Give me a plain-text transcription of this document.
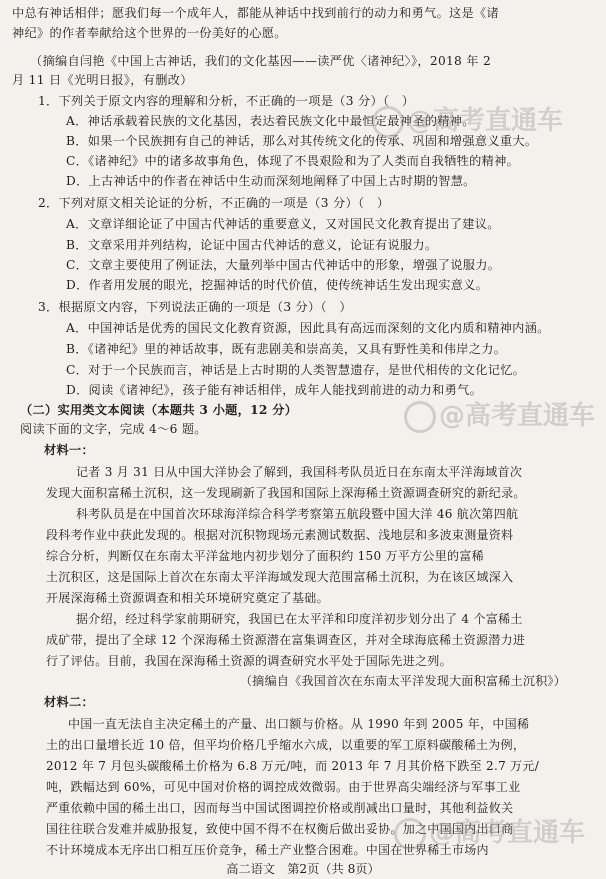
中总有神话相伴；愿我们每一个成年人，都能从神话中找到前行的动力和勇气。这是《诸
神纪》的作者奉献给这个世界的一份美好的心愿。
（摘编自闫艳《中国上古神话，我们的文化基因——读严优〈诸神纪〉》，2018 年 2
月 11 日《光明日报》，有删改）
1．下列关于原文内容的理解和分析，不正确的一项是（3 分）（　）
A．神话承载着民族的文化基因，表达着民族文化中最恒定最神圣的精神。
B．如果一个民族拥有自己的神话，那么对其传统文化的传承、巩固和增强意义重大。
C．《诸神纪》中的诸多故事角色，体现了不畏艰险和为了人类而自我牺牲的精神。
D．上古神话中的作者在神话中生动而深刻地阐释了中国上古时期的智慧。
2．下列对原文相关论证的分析，不正确的一项是（3 分）（　）
A．文章详细论证了中国古代神话的重要意义，又对国民文化教育提出了建议。
B．文章采用并列结构，论证中国古代神话的意义，论证有说服力。
C．文章主要使用了例证法，大量列举中国古代神话中的形象，增强了说服力。
D．作者用发展的眼光，挖掘神话的时代价值，使传统神话生发出现实意义。
3．根据原文内容，下列说法正确的一项是（3 分）（　）
A．中国神话是优秀的国民文化教育资源，因此具有高远而深刻的文化内质和精神内涵。
B．《诸神纪》里的神话故事，既有悲剧美和崇高美，又具有野性美和伟岸之力。
C．对于一个民族而言，神话是上古时期的人类智慧遗存，是世代相传的文化记忆。
D．阅读《诸神纪》，孩子能有神话相伴，成年人能找到前进的动力和勇气。
（二）实用类文本阅读（本题共 3 小题，12 分）
阅读下面的文字，完成 4～6 题。
材料一：
记者 3 月 31 日从中国大洋协会了解到，我国科考队员近日在东南太平洋海域首次
发现大面积富稀土沉积，这一发现刷新了我国和国际上深海稀土资源调查研究的新纪录。
科考队员是在中国首次环球海洋综合科学考察第五航段暨中国大洋 46 航次第四航
段科考作业中获此发现的。根据对沉积物现场元素测试数据、浅地层和多波束测量资料
综合分析，判断仅在东南太平洋盆地内初步划分了面积约 150 万平方公里的富稀
土沉积区，这是国际上首次在东南太平洋海域发现大范围富稀土沉积，为在该区域深入
开展深海稀土资源调查和相关环境研究奠定了基础。
据介绍，经过科学家前期研究，我国已在太平洋和印度洋初步划分出了 4 个富稀土
成矿带，提出了全球 12 个深海稀土资源潜在富集调查区，并对全球海底稀土资源潜力进
行了评估。目前，我国在深海稀土资源的调查研究水平处于国际先进之列。
（摘编自《我国首次在东南太平洋发现大面积富稀土沉积》）
材料二：
中国一直无法自主决定稀土的产量、出口额与价格。从 1990 年到 2005 年，中国稀
土的出口量增长近 10 倍，但平均价格几乎缩水六成，以重要的军工原料碳酸稀土为例，
2012 年 7 月包头碳酸稀土价格为 6.8 万元/吨，而 2013 年 7 月其价格下跌至 2.7 万元/
吨，跌幅达到 60%，可见中国对价格的调控成效微弱。由于世界高尖端经济与军事工业
严重依赖中国的稀土出口，因而每当中国试图调控价格或削减出口量时，其他利益攸关
国往往联合发难并威胁报复，致使中国不得不在权衡后做出妥协。加之中国国内出口商
不计环境成本无序出口相互压价竞争，稀土产业整合困难。中国在世界稀土市场内
高二语文　第2页（共 8页）
@高考直通车
@高考直通车
@高考直通车
